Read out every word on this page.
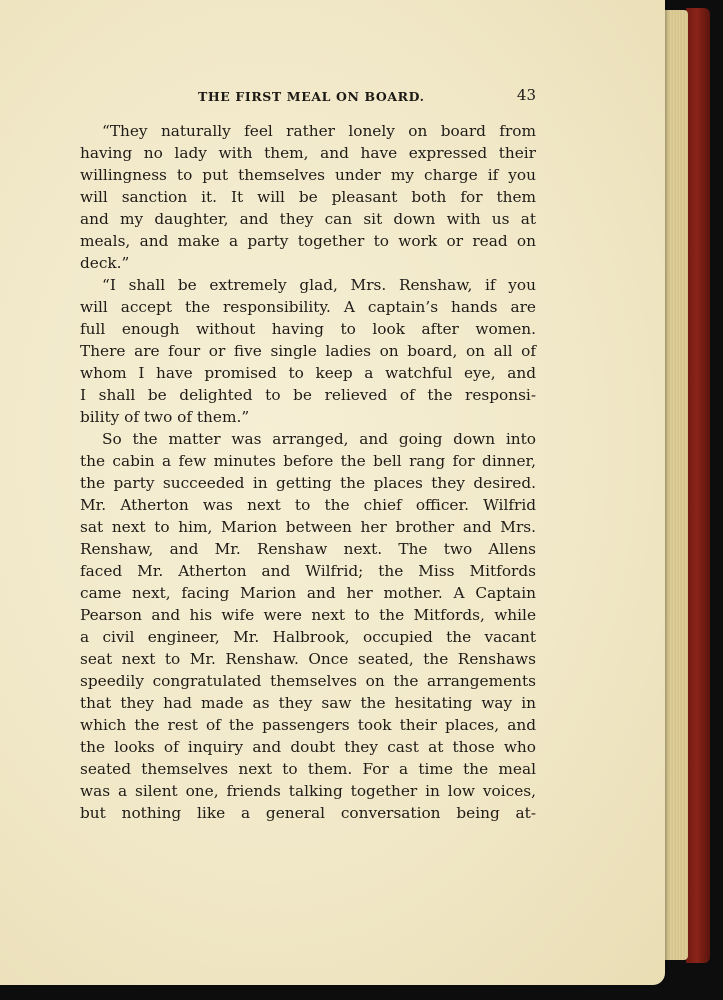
THE FIRST MEAL ON BOARD.	43
“They naturally feel rather lonely on board from
having no lady with them, and have expressed their
willingness to put themselves under my charge if you
will sanction it. It will be pleasant both for them
and my daughter, and they can sit down with us at
meals, and make a party together to work or read on
deck.”
“I shall be extremely glad, Mrs. Renshaw, if you
will accept the responsibility. A captain’s hands are
full enough without having to look after women.
There are four or five single ladies on board, on all of
whom I have promised to keep a watchful eye, and
I shall be delighted to be relieved of the responsi-
bility of two of them.”
So the matter was arranged, and going down into
the cabin a few minutes before the bell rang for dinner,
the party succeeded in getting the places they desired.
Mr. Atherton was next to the chief officer. Wilfrid
sat next to him, Marion between her brother and Mrs.
Renshaw, and Mr. Renshaw next. The two Allens
faced Mr. Atherton and Wilfrid; the Miss Mitfords
came next, facing Marion and her mother. A Captain
Pearson and his wife were next to the Mitfords, while
a civil engineer, Mr. Halbrook, occupied the vacant
seat next to Mr. Renshaw. Once seated, the Renshaws
speedily congratulated themselves on the arrangements
that they had made as they saw the hesitating way in
which the rest of the passengers took their places, and
the looks of inquiry and doubt they cast at those who
seated themselves next to them. For a time the meal
was a silent one, friends talking together in low voices,
but nothing like a general conversation being at-
